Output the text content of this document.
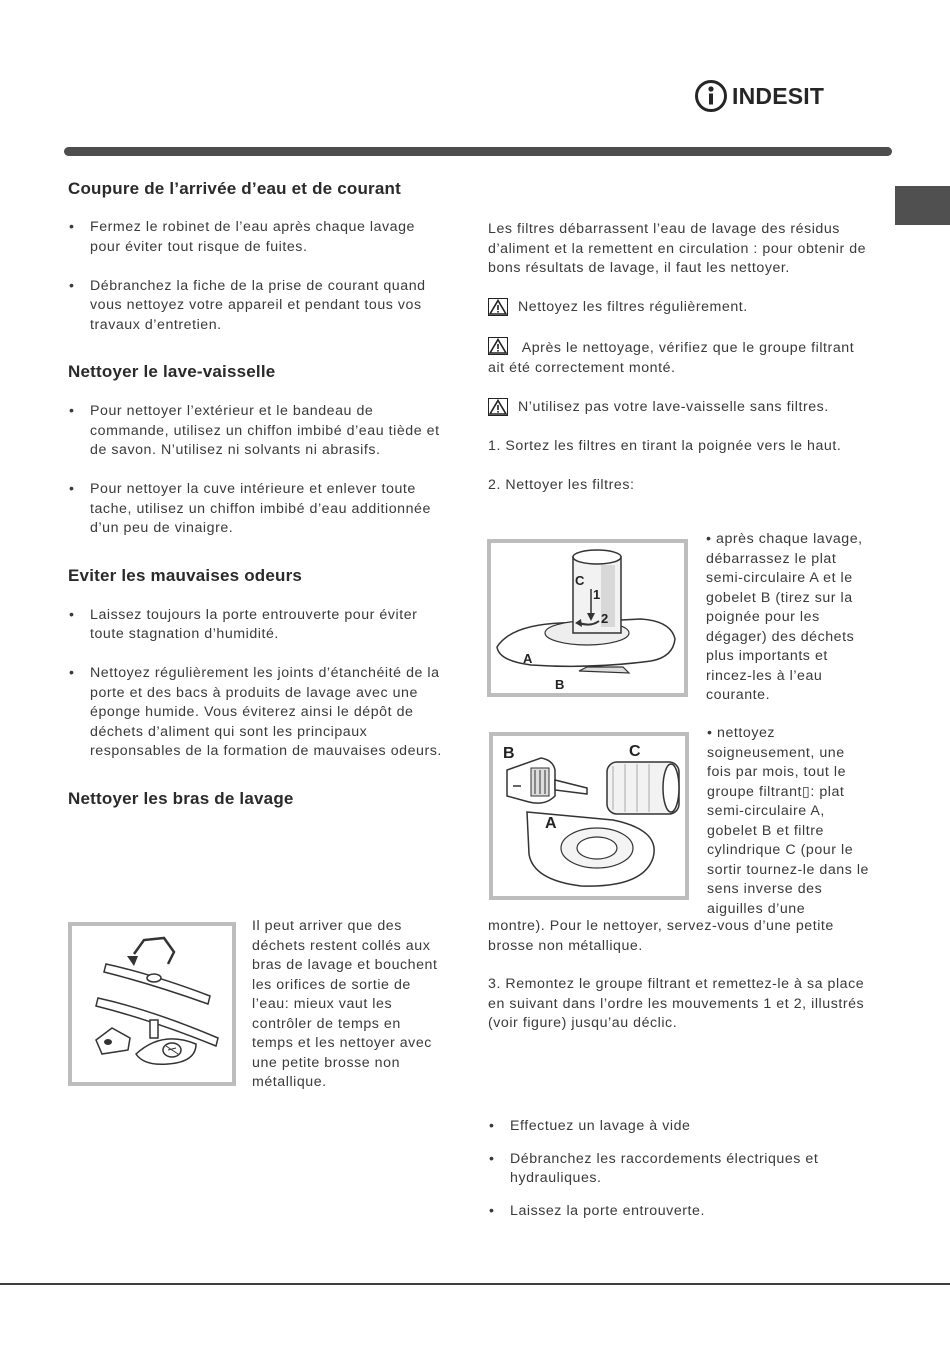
INDESIT
Coupure de l’arrivée d’eau et de courant
• Fermez le robinet de l’eau après chaque lavage pour éviter tout risque de fuites.
• Débranchez la fiche de la prise de courant quand vous nettoyez votre appareil et pendant tous vos travaux d’entretien.
Nettoyer le lave-vaisselle
• Pour nettoyer l’extérieur et le bandeau de commande, utilisez un chiffon imbibé d’eau tiède et de savon. N’utilisez ni solvants ni abrasifs.
• Pour nettoyer la cuve intérieure et enlever toute tache, utilisez un chiffon imbibé d’eau additionnée d’un peu de vinaigre.
Eviter les mauvaises odeurs
• Laissez toujours la porte entrouverte pour éviter toute stagnation d’humidité.
• Nettoyez régulièrement les joints d’étanchéité de la porte et des bacs à produits de lavage avec une éponge humide. Vous éviterez ainsi le dépôt de déchets d’aliment qui sont les principaux responsables de la formation de mauvaises odeurs.
Nettoyer les bras de lavage

Il peut arriver que des déchets restent collés aux bras de lavage et bouchent les orifices de sortie de l’eau: mieux vaut les contrôler de temps en temps et les nettoyer avec une petite brosse non métallique.

Les filtres débarrassent l’eau de lavage des résidus d’aliment et la remettent en circulation : pour obtenir de bons résultats de lavage, il faut les nettoyer.

Nettoyez les filtres régulièrement.
Après le nettoyage, vérifiez que le groupe filtrant ait été correctement monté.
N’utilisez pas votre lave-vaisselle sans filtres.

1. Sortez les filtres en tirant la poignée vers le haut.

2. Nettoyer les filtres:

C
1
2
A
B

• après chaque lavage, débarrassez le plat semi-circulaire A et le gobelet B (tirez sur la poignée pour les dégager) des déchets plus importants et rincez-les à l’eau courante.

B	C
A

• nettoyez soigneusement, une fois par mois, tout le groupe filtrant▯: plat semi-circulaire A, gobelet B et filtre cylindrique C (pour le sortir tournez-le dans le sens inverse des aiguilles d’une

montre). Pour le nettoyer, servez-vous d’une petite brosse non métallique.

3. Remontez le groupe filtrant et remettez-le à sa place en suivant dans l’ordre les mouvements 1 et 2, illustrés (voir figure) jusqu’au déclic.

• Effectuez un lavage à vide
• Débranchez les raccordements électriques et hydrauliques.
• Laissez la porte entrouverte.
